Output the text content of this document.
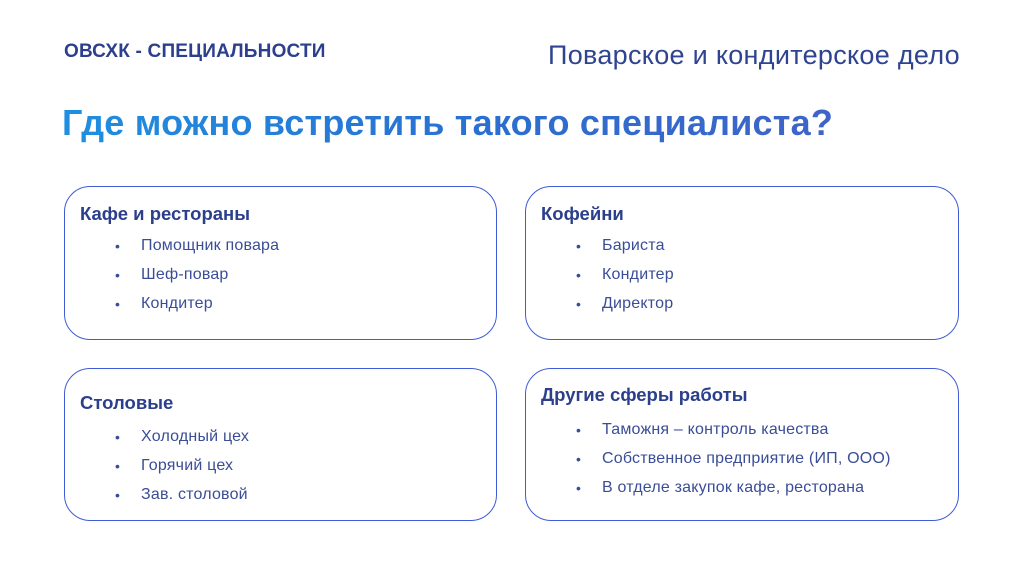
ОВСХК - СПЕЦИАЛЬНОСТИ	Поварское и кондитерское дело
Где можно встретить такого специалиста?
Кафе и рестораны
•	Помощник повара
•	Шеф-повар
•	Кондитер
Кофейни
•	Бариста
•	Кондитер
•	Директор
Столовые
•	Холодный цех
•	Горячий цех
•	Зав. столовой
Другие сферы работы
•	Таможня – контроль качества
•	Собственное предприятие (ИП, ООО)
•	В отделе закупок кафе, ресторана
